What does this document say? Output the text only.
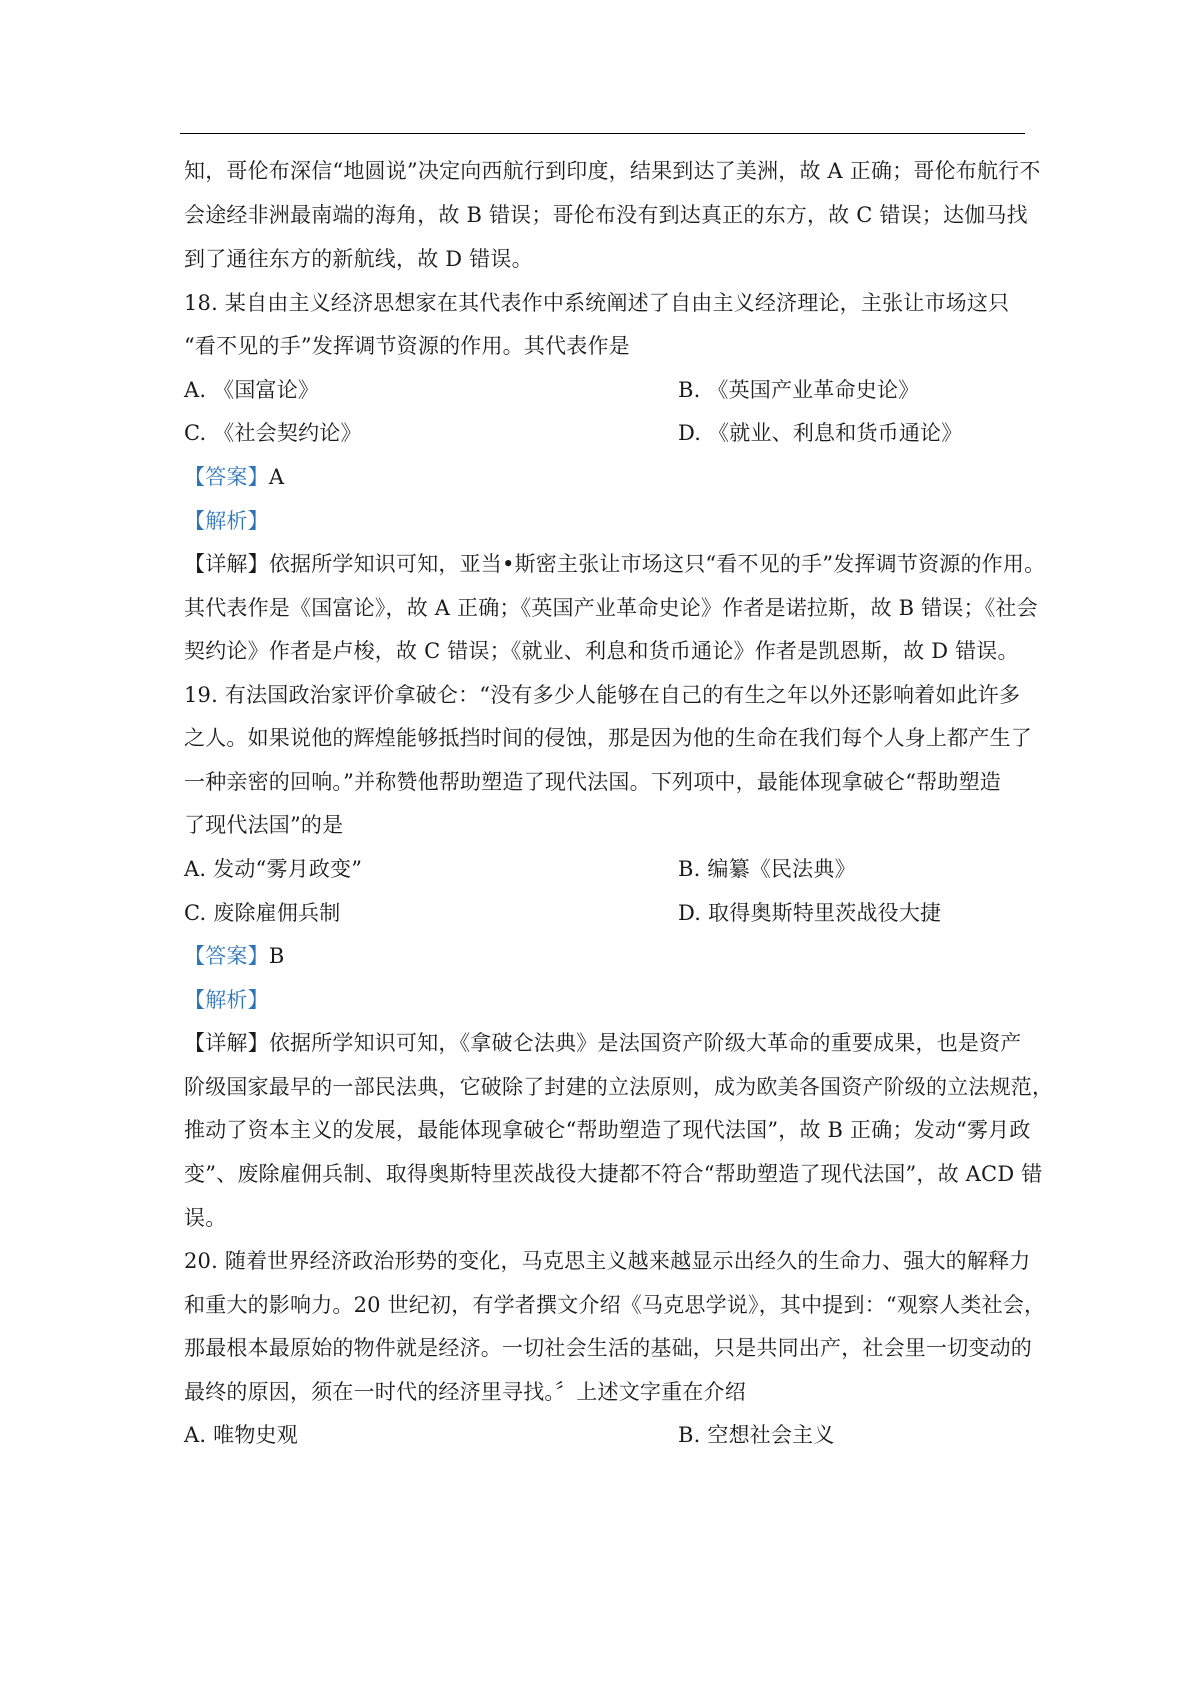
知，哥伦布深信“地圆说”决定向西航行到印度，结果到达了美洲，故 A 正确；哥伦布航行不
会途经非洲最南端的海角，故 B 错误；哥伦布没有到达真正的东方，故 C 错误；达伽马找
到了通往东方的新航线，故 D 错误。
18. 某自由主义经济思想家在其代表作中系统阐述了自由主义经济理论，主张让市场这只
“看不见的手”发挥调节资源的作用。其代表作是
A. 《国富论》	B. 《英国产业革命史论》
C. 《社会契约论》	D. 《就业、利息和货币通论》
【答案】A
【解析】
【详解】依据所学知识可知，亚当•斯密主张让市场这只“看不见的手”发挥调节资源的作用。
其代表作是《国富论》，故 A 正确；《英国产业革命史论》作者是诺拉斯，故 B 错误；《社会
契约论》作者是卢梭，故 C 错误；《就业、利息和货币通论》作者是凯恩斯，故 D 错误。
19. 有法国政治家评价拿破仑：“没有多少人能够在自己的有生之年以外还影响着如此许多
之人。如果说他的辉煌能够抵挡时间的侵蚀，那是因为他的生命在我们每个人身上都产生了
一种亲密的回响。”并称赞他帮助塑造了现代法国。下列项中，最能体现拿破仑“帮助塑造
了现代法国”的是
A. 发动“雾月政变”	B. 编纂《民法典》
C. 废除雇佣兵制	D. 取得奥斯特里茨战役大捷
【答案】B
【解析】
【详解】依据所学知识可知，《拿破仑法典》是法国资产阶级大革命的重要成果，也是资产
阶级国家最早的一部民法典，它破除了封建的立法原则，成为欧美各国资产阶级的立法规范，
推动了资本主义的发展，最能体现拿破仑“帮助塑造了现代法国”，故 B 正确；发动“雾月政
变”、废除雇佣兵制、取得奥斯特里茨战役大捷都不符合“帮助塑造了现代法国”，故 ACD 错
误。
20. 随着世界经济政治形势的变化，马克思主义越来越显示出经久的生命力、强大的解释力
和重大的影响力。20 世纪初，有学者撰文介绍《马克思学说》，其中提到：“观察人类社会，
那最根本最原始的物件就是经济。一切社会生活的基础，只是共同出产，社会里一切变动的
最终的原因，须在一时代的经济里寻找。〞上述文字重在介绍
A. 唯物史观	B. 空想社会主义
